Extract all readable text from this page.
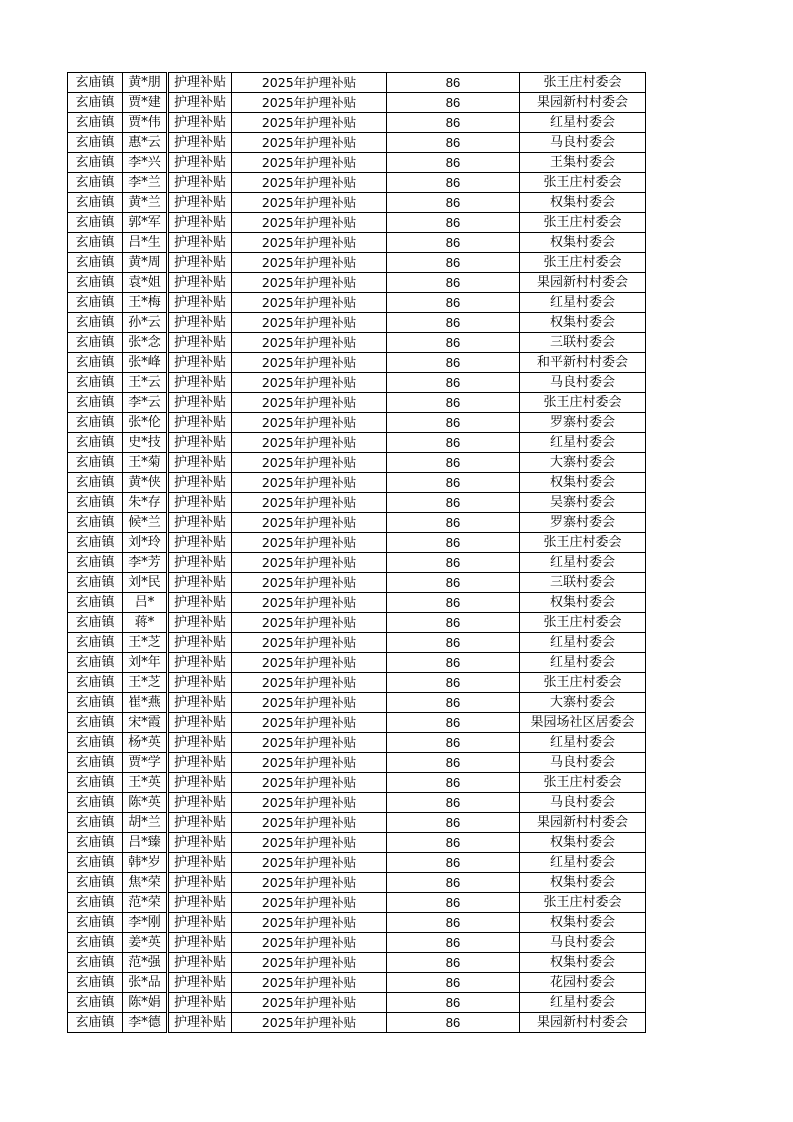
玄庙镇	黄*朋		护理补贴	2025年护理补贴	86	张王庄村委会
玄庙镇	贾*建		护理补贴	2025年护理补贴	86	果园新村村委会
玄庙镇	贾*伟		护理补贴	2025年护理补贴	86	红星村委会
玄庙镇	惠*云		护理补贴	2025年护理补贴	86	马良村委会
玄庙镇	李*兴		护理补贴	2025年护理补贴	86	王集村委会
玄庙镇	李*兰		护理补贴	2025年护理补贴	86	张王庄村委会
玄庙镇	黄*兰		护理补贴	2025年护理补贴	86	权集村委会
玄庙镇	郭*军		护理补贴	2025年护理补贴	86	张王庄村委会
玄庙镇	吕*生		护理补贴	2025年护理补贴	86	权集村委会
玄庙镇	黄*周		护理补贴	2025年护理补贴	86	张王庄村委会
玄庙镇	袁*姐		护理补贴	2025年护理补贴	86	果园新村村委会
玄庙镇	王*梅		护理补贴	2025年护理补贴	86	红星村委会
玄庙镇	孙*云		护理补贴	2025年护理补贴	86	权集村委会
玄庙镇	张*念		护理补贴	2025年护理补贴	86	三联村委会
玄庙镇	张*峰		护理补贴	2025年护理补贴	86	和平新村村委会
玄庙镇	王*云		护理补贴	2025年护理补贴	86	马良村委会
玄庙镇	李*云		护理补贴	2025年护理补贴	86	张王庄村委会
玄庙镇	张*伦		护理补贴	2025年护理补贴	86	罗寨村委会
玄庙镇	史*技		护理补贴	2025年护理补贴	86	红星村委会
玄庙镇	王*菊		护理补贴	2025年护理补贴	86	大寨村委会
玄庙镇	黄*侠		护理补贴	2025年护理补贴	86	权集村委会
玄庙镇	朱*存		护理补贴	2025年护理补贴	86	吴寨村委会
玄庙镇	候*兰		护理补贴	2025年护理补贴	86	罗寨村委会
玄庙镇	刘*玲		护理补贴	2025年护理补贴	86	张王庄村委会
玄庙镇	李*芳		护理补贴	2025年护理补贴	86	红星村委会
玄庙镇	刘*民		护理补贴	2025年护理补贴	86	三联村委会
玄庙镇	吕*		护理补贴	2025年护理补贴	86	权集村委会
玄庙镇	蒋*		护理补贴	2025年护理补贴	86	张王庄村委会
玄庙镇	王*芝		护理补贴	2025年护理补贴	86	红星村委会
玄庙镇	刘*年		护理补贴	2025年护理补贴	86	红星村委会
玄庙镇	王*芝		护理补贴	2025年护理补贴	86	张王庄村委会
玄庙镇	崔*燕		护理补贴	2025年护理补贴	86	大寨村委会
玄庙镇	宋*霞		护理补贴	2025年护理补贴	86	果园场社区居委会
玄庙镇	杨*英		护理补贴	2025年护理补贴	86	红星村委会
玄庙镇	贾*学		护理补贴	2025年护理补贴	86	马良村委会
玄庙镇	王*英		护理补贴	2025年护理补贴	86	张王庄村委会
玄庙镇	陈*英		护理补贴	2025年护理补贴	86	马良村委会
玄庙镇	胡*兰		护理补贴	2025年护理补贴	86	果园新村村委会
玄庙镇	吕*臻		护理补贴	2025年护理补贴	86	权集村委会
玄庙镇	韩*岁		护理补贴	2025年护理补贴	86	红星村委会
玄庙镇	焦*荣		护理补贴	2025年护理补贴	86	权集村委会
玄庙镇	范*荣		护理补贴	2025年护理补贴	86	张王庄村委会
玄庙镇	李*刚		护理补贴	2025年护理补贴	86	权集村委会
玄庙镇	姜*英		护理补贴	2025年护理补贴	86	马良村委会
玄庙镇	范*强		护理补贴	2025年护理补贴	86	权集村委会
玄庙镇	张*品		护理补贴	2025年护理补贴	86	花园村委会
玄庙镇	陈*娟		护理补贴	2025年护理补贴	86	红星村委会
玄庙镇	李*德		护理补贴	2025年护理补贴	86	果园新村村委会
